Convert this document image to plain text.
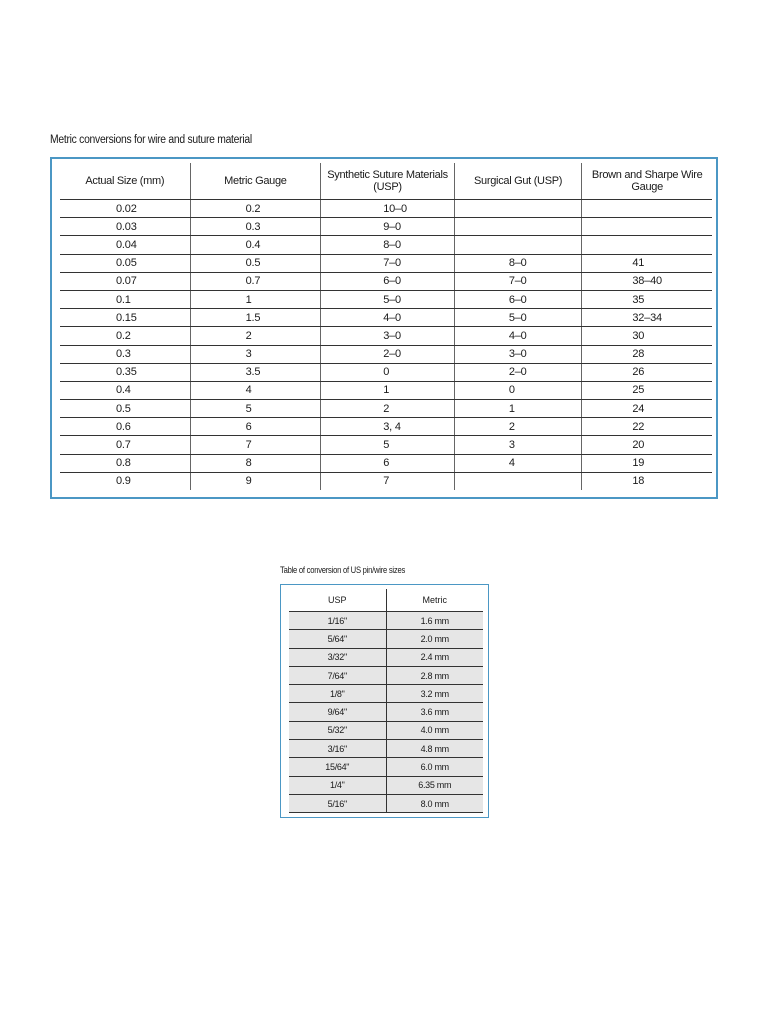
Metric conversions for wire and suture material
Actual Size (mm)	Metric Gauge	Synthetic Suture Materials (USP)	Surgical Gut (USP)	Brown and Sharpe Wire Gauge
0.02	0.2	10–0		
0.03	0.3	9–0		
0.04	0.4	8–0		
0.05	0.5	7–0	8–0	41
0.07	0.7	6–0	7–0	38–40
0.1	1	5–0	6–0	35
0.15	1.5	4–0	5–0	32–34
0.2	2	3–0	4–0	30
0.3	3	2–0	3–0	28
0.35	3.5	0	2–0	26
0.4	4	1	0	25
0.5	5	2	1	24
0.6	6	3, 4	2	22
0.7	7	5	3	20
0.8	8	6	4	19
0.9	9	7		18
Table of conversion of US pin/wire sizes
USP	Metric
1/16"	1.6 mm
5/64"	2.0 mm
3/32"	2.4 mm
7/64"	2.8 mm
1/8"	3.2 mm
9/64"	3.6 mm
5/32"	4.0 mm
3/16"	4.8 mm
15/64"	6.0 mm
1/4"	6.35 mm
5/16"	8.0 mm
